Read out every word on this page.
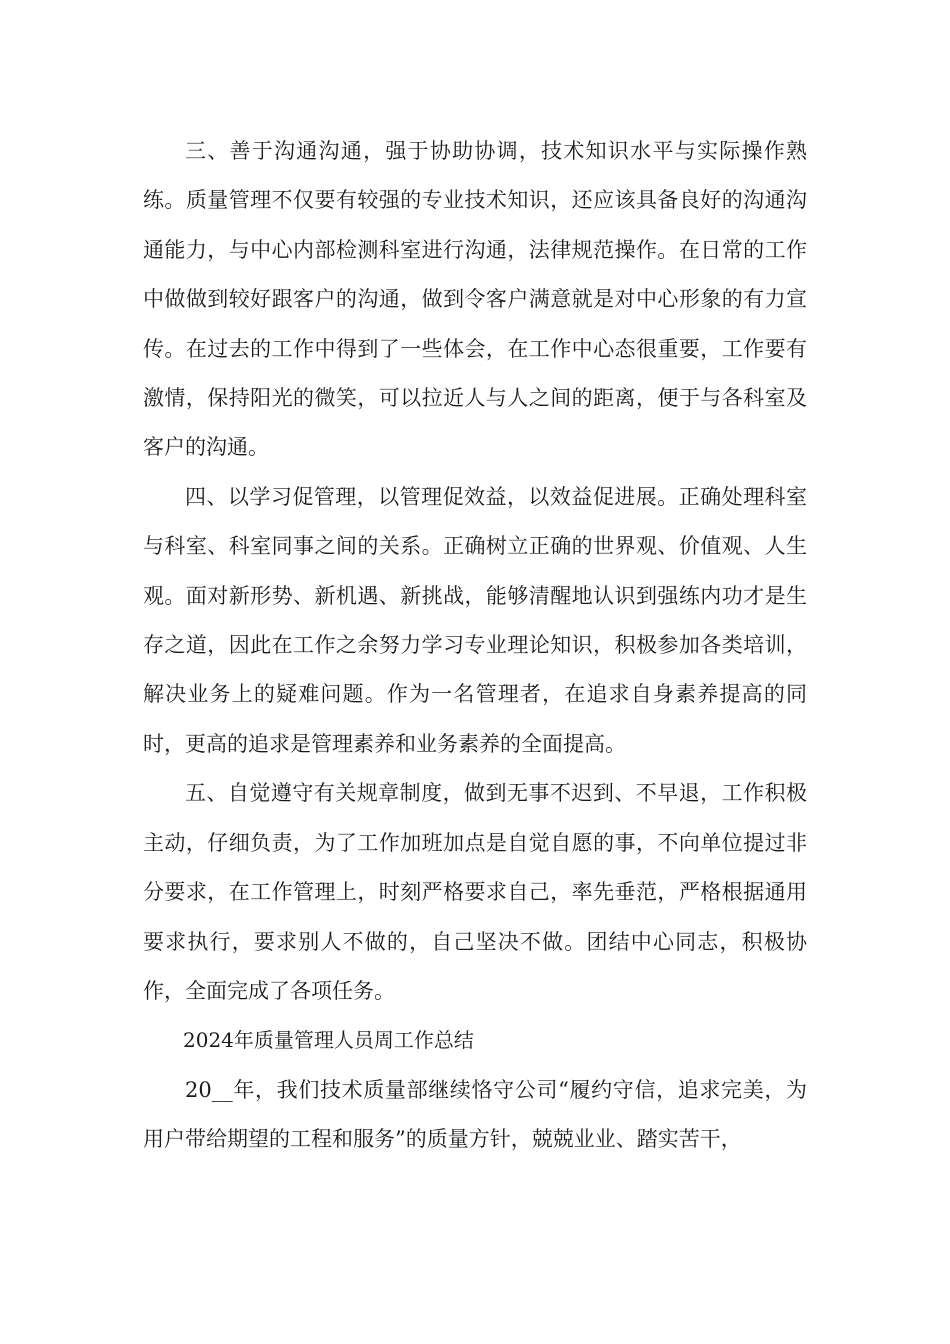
三、善于沟通沟通，强于协助协调，技术知识水平与实际操作熟练。质量管理不仅要有较强的专业技术知识，还应该具备良好的沟通沟通能力，与中心内部检测科室进行沟通，法律规范操作。在日常的工作中做做到较好跟客户的沟通，做到令客户满意就是对中心形象的有力宣传。在过去的工作中得到了一些体会，在工作中心态很重要，工作要有激情，保持阳光的微笑，可以拉近人与人之间的距离，便于与各科室及客户的沟通。

四、以学习促管理，以管理促效益，以效益促进展。正确处理科室与科室、科室同事之间的关系。正确树立正确的世界观、价值观、人生观。面对新形势、新机遇、新挑战，能够清醒地认识到强练内功才是生存之道，因此在工作之余努力学习专业理论知识，积极参加各类培训，解决业务上的疑难问题。作为一名管理者，在追求自身素养提高的同时，更高的追求是管理素养和业务素养的全面提高。

五、自觉遵守有关规章制度，做到无事不迟到、不早退，工作积极主动，仔细负责，为了工作加班加点是自觉自愿的事，不向单位提过非分要求，在工作管理上，时刻严格要求自己，率先垂范，严格根据通用要求执行，要求别人不做的，自己坚决不做。团结中心同志，积极协作，全面完成了各项任务。

2024年质量管理人员周工作总结

20__年，我们技术质量部继续恪守公司“履约守信，追求完美，为用户带给期望的工程和服务”的质量方针，兢兢业业、踏实苦干，
